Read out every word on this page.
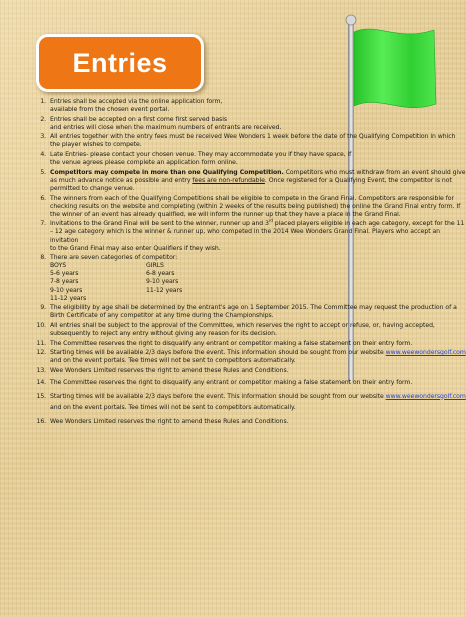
Entries
1. Entries shall be accepted via the online application form,
available from the chosen event portal.
2. Entries shall be accepted on a first come first served basis
and entries will close when the maximum numbers of entrants are received.
3. All entries together with the entry fees must be received Wee Wonders 1 week before the date of the Qualifying Competition in which the player wishes to compete.
4. Late Entries- please contact your chosen venue. They may accommodate you if they have space, if
the venue agrees please complete an application form online.
5. Competitors may compete in more than one Qualifying Competition. Competitors who must withdraw from an event should give as much advance notice as possible and entry fees are non-refundable. Once registered for a Qualifying Event, the competitor is not permitted to change venue.
6. The winners from each of the Qualifying Competitions shall be eligible to compete in the Grand Final. Competitors are responsible for checking results on the website and completing (within 2 weeks of the results being published) the online the Grand Final entry form. If the winner of an event has already qualified, we will inform the runner up that they have a place in the Grand Final.
7. Invitations to the Grand Final will be sent to the winner, runner up and 3rd placed players eligible in each age category, except for the 11 – 12 age category which is the winner & runner up, who competed in the 2014 Wee Wonders Grand Final. Players who accept an invitation
to the Grand Final may also enter Qualifiers if they wish.
8. There are seven categories of competitor:
BOYS	GIRLS
5-6 years	6-8 years
7-8 years	9-10 years
9-10 years	11-12 years
11-12 years
9. The eligibility by age shall be determined by the entrant's age on 1 September 2015. The Committee may request the production of a Birth Certificate of any competitor at any time during the Championships.
10. All entries shall be subject to the approval of the Committee, which reserves the right to accept or refuse, or, having accepted, subsequently to reject any entry without giving any reason for its decision.
11. The Committee reserves the right to disqualify any entrant or competitor making a false statement on their entry form.
12. Starting times will be available 2/3 days before the event. This information should be sought from our website www.weewondersgolf.com and on the event portals. Tee times will not be sent to competitors automatically.
13. Wee Wonders Limited reserves the right to amend these Rules and Conditions.
14. The Committee reserves the right to disqualify any entrant or competitor making a false statement on their entry form.
15. Starting times will be available 2/3 days before the event. This information should be sought from our website www.weewondersgolf.com and on the event portals. Tee times will not be sent to competitors automatically.
16. Wee Wonders Limited reserves the right to amend these Rules and Conditions.
